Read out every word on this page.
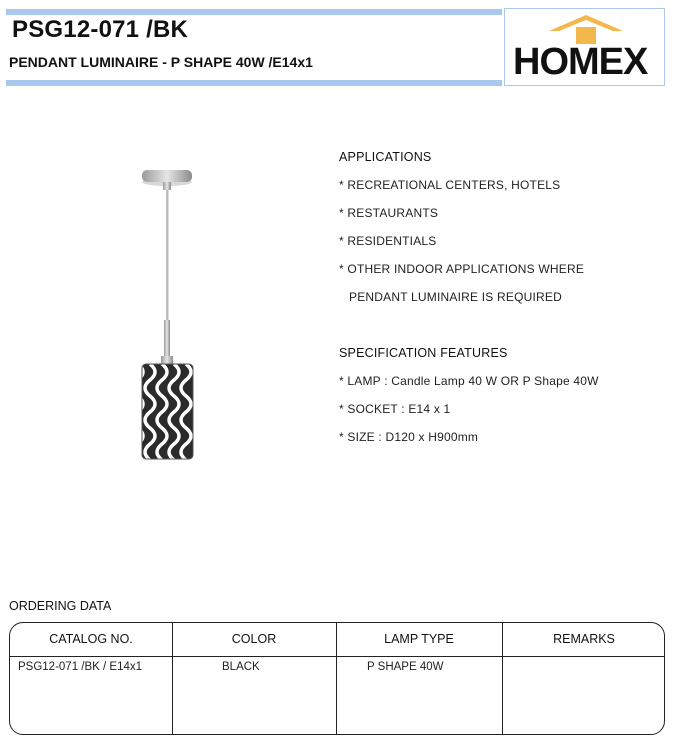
PSG12-071 /BK
PENDANT LUMINAIRE - P SHAPE 40W /E14x1	HOMEX
APPLICATIONS
* RECREATIONAL CENTERS, HOTELS
* RESTAURANTS
* RESIDENTIALS
* OTHER INDOOR APPLICATIONS WHERE
PENDANT LUMINAIRE IS REQUIRED
SPECIFICATION FEATURES
* LAMP : Candle Lamp 40 W OR P Shape 40W
* SOCKET : E14 x 1
* SIZE : D120 x H900mm
ORDERING DATA
CATALOG NO.	COLOR	LAMP TYPE	REMARKS
PSG12-071 /BK / E14x1	BLACK	P SHAPE 40W
